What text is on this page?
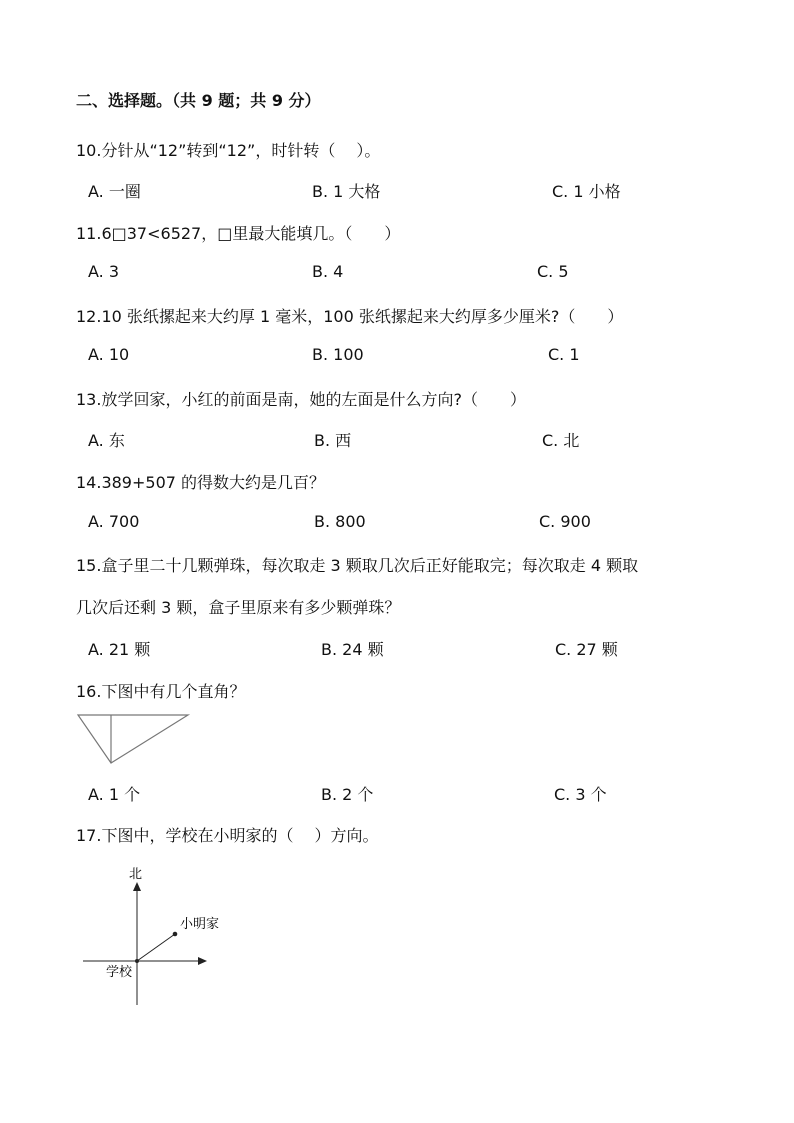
二、选择题。（共 9 题；共 9 分）
10.分针从“12”转到“12”，时针转（　 ）。
A. 一圈	B. 1 大格	C. 1 小格
11.6□37<6527，□里最大能填几。（　　）
A. 3	B. 4	C. 5
12.10 张纸摞起来大约厚 1 毫米，100 张纸摞起来大约厚多少厘米?（　　）
A. 10	B. 100	C. 1
13.放学回家，小红的前面是南，她的左面是什么方向?（　　）
A. 东	B. 西	C. 北
14.389+507 的得数大约是几百？
A. 700	B. 800	C. 900
15.盒子里二十几颗弹珠，每次取走 3 颗取几次后正好能取完；每次取走 4 颗取
几次后还剩 3 颗，盒子里原来有多少颗弹珠？
A. 21 颗	B. 24 颗	C. 27 颗
16.下图中有几个直角？
A. 1 个	B. 2 个	C. 3 个
17.下图中，学校在小明家的（　 ）方向。
北
小明家
学校
